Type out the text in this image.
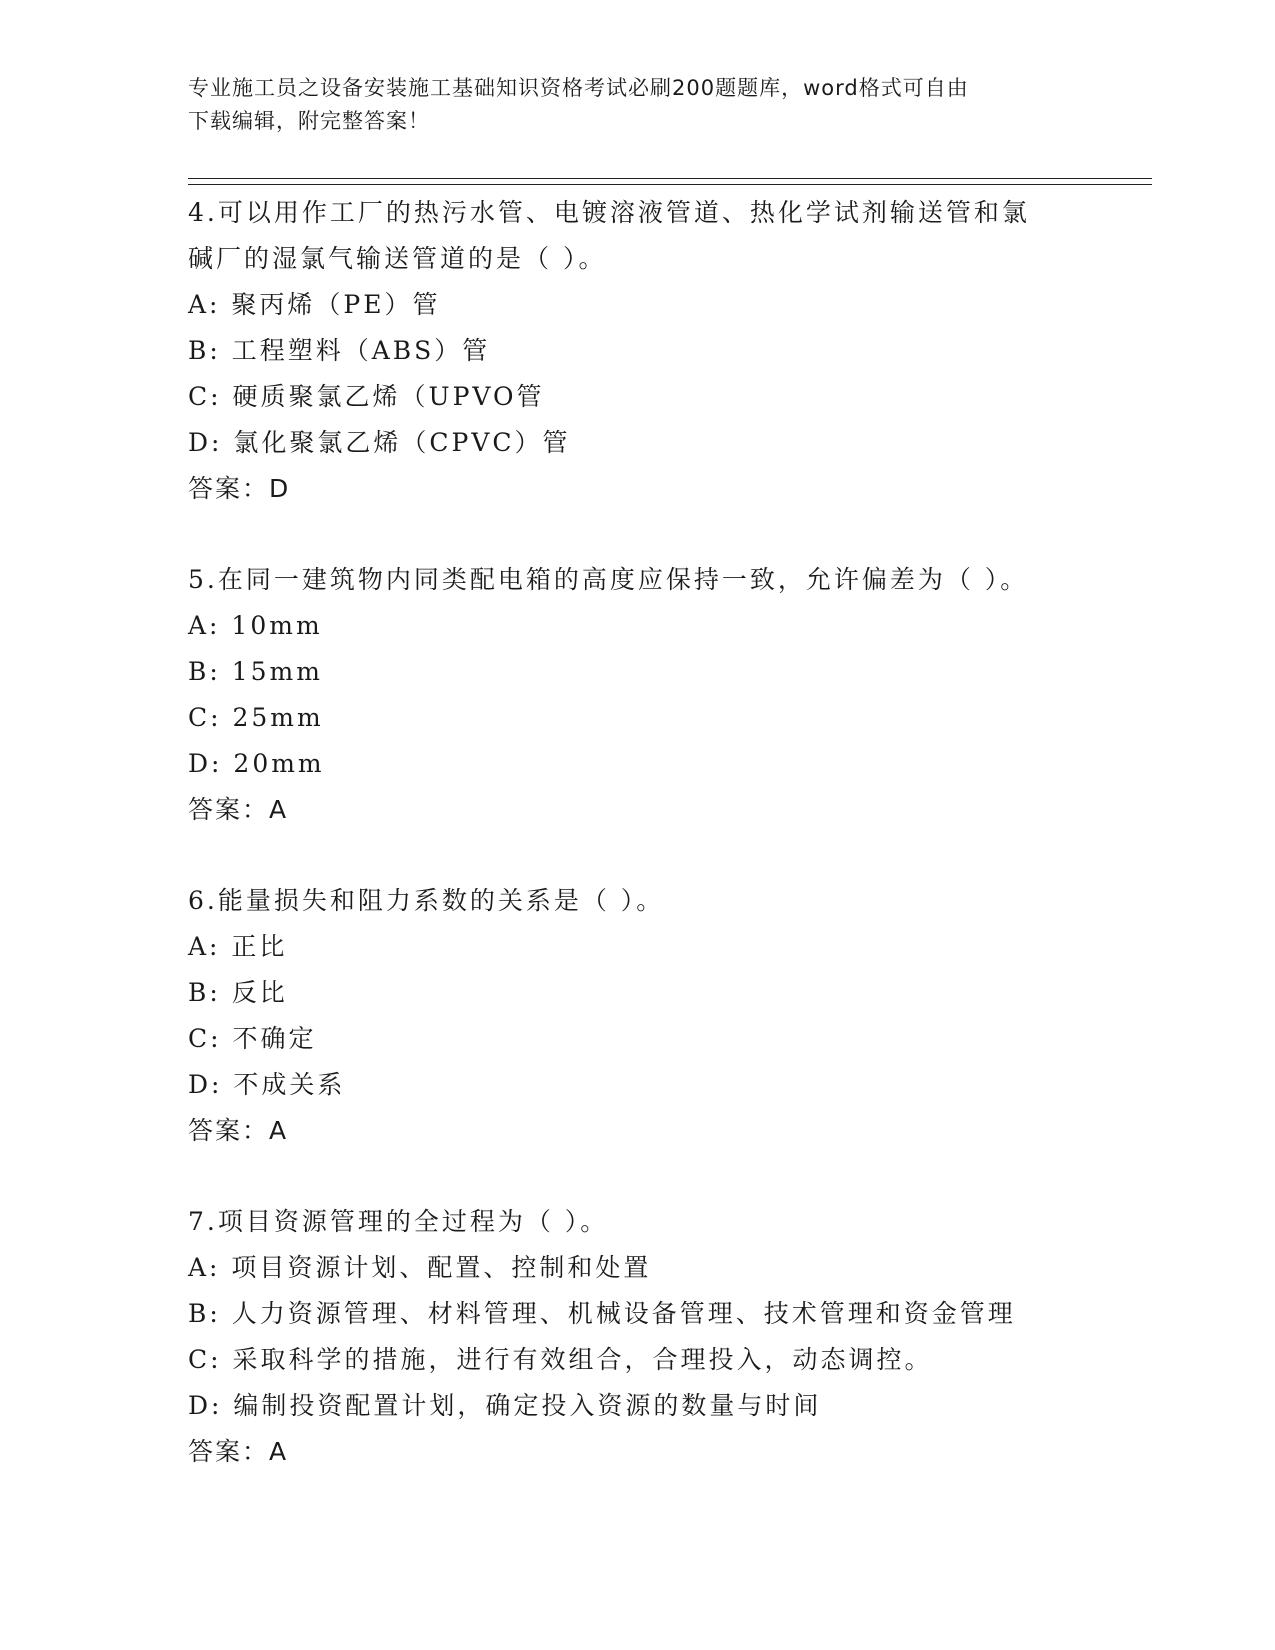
专业施工员之设备安装施工基础知识资格考试必刷200题题库，word格式可自由
下载编辑，附完整答案！
4.可以用作工厂的热污水管、电镀溶液管道、热化学试剂输送管和氯
碱厂的湿氯气输送管道的是（ ）。
A: 聚丙烯（PE）管
B: 工程塑料（ABS）管
C: 硬质聚氯乙烯（UPVO管
D: 氯化聚氯乙烯（CPVC）管
答案：D
5.在同一建筑物内同类配电箱的高度应保持一致，允许偏差为（ ）。
A: 10mm
B: 15mm
C: 25mm
D: 20mm
答案：A
6.能量损失和阻力系数的关系是（ ）。
A: 正比
B: 反比
C: 不确定
D: 不成关系
答案：A
7.项目资源管理的全过程为（ ）。
A: 项目资源计划、配置、控制和处置
B: 人力资源管理、材料管理、机械设备管理、技术管理和资金管理
C: 采取科学的措施，进行有效组合，合理投入，动态调控。
D: 编制投资配置计划，确定投入资源的数量与时间
答案：A
